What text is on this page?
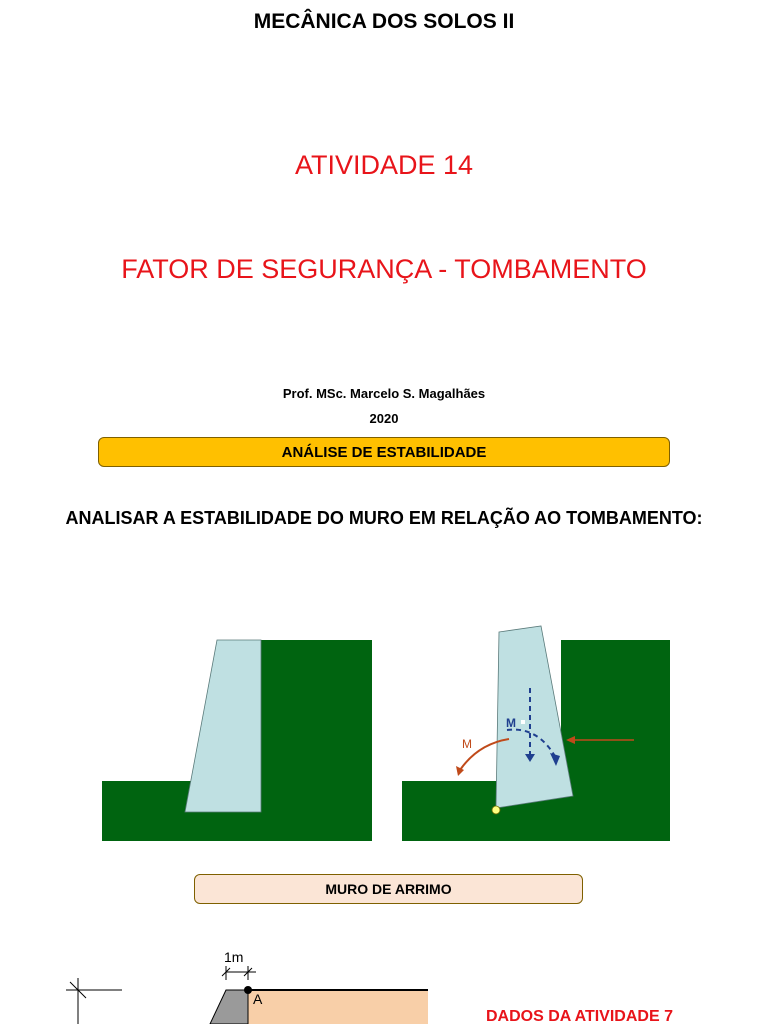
MECÂNICA DOS SOLOS II
ATIVIDADE 14
FATOR DE SEGURANÇA - TOMBAMENTO
Prof. MSc. Marcelo S. Magalhães
2020
ANÁLISE DE ESTABILIDADE
ANALISAR A ESTABILIDADE DO MURO EM RELAÇÃO AO TOMBAMENTO:
M
M
MURO DE ARRIMO
1m
A
DADOS DA ATIVIDADE 7
